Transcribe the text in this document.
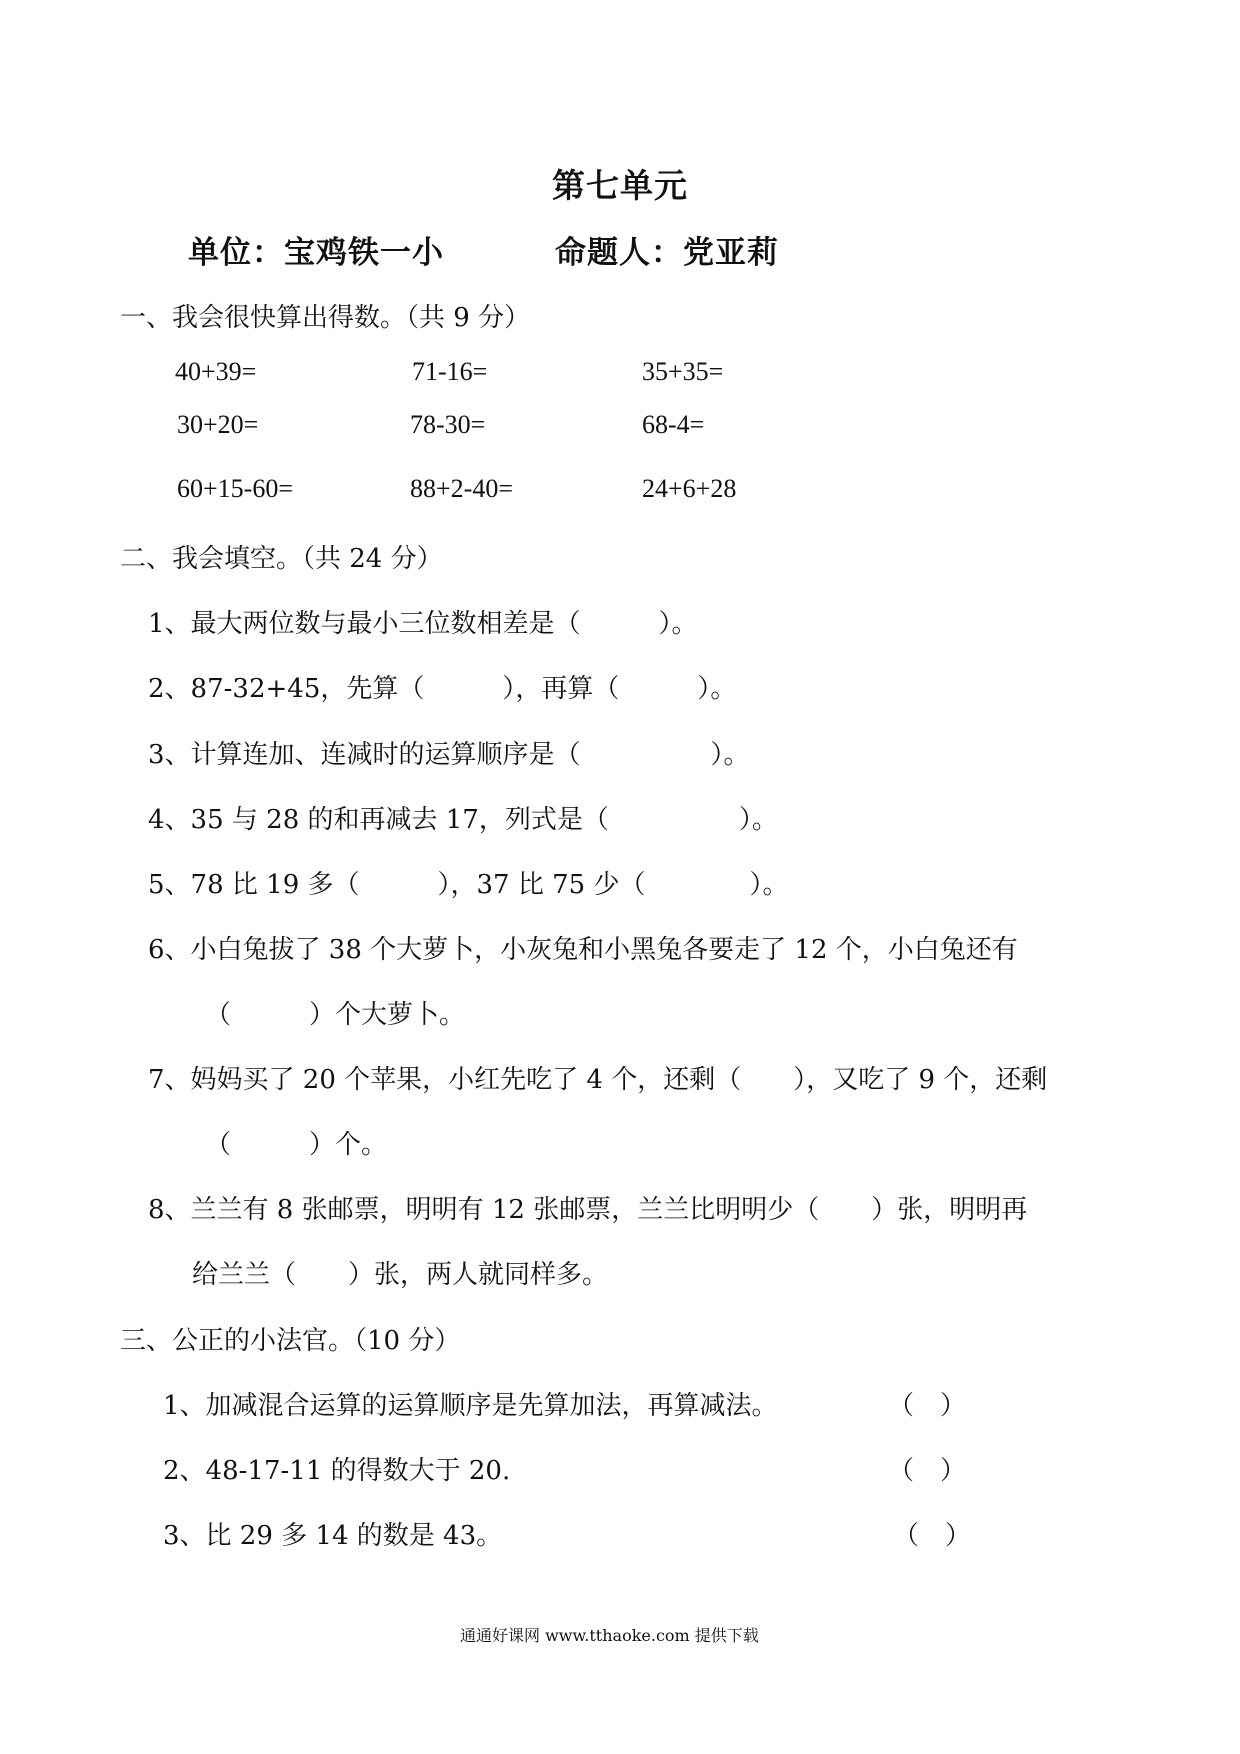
第七单元
单位：宝鸡铁一小	命题人：党亚莉
一、我会很快算出得数。（共 9 分）
40+39=	71-16=	35+35=
30+20=	78-30=	68-4=
60+15-60=	88+2-40=	24+6+28
二、我会填空。（共 24 分）
1、最大两位数与最小三位数相差是（　　　）。
2、87-32+45，先算（　　　），再算（　　　）。
3、计算连加、连减时的运算顺序是（　　　　　）。
4、35 与 28 的和再减去 17，列式是（　　　　　）。
5、78 比 19 多（　　　），37 比 75 少（　　　　）。
6、小白兔拔了 38 个大萝卜，小灰兔和小黑兔各要走了 12 个，小白兔还有
（　　　）个大萝卜。
7、妈妈买了 20 个苹果，小红先吃了 4 个，还剩（　　），又吃了 9 个，还剩
（　　　）个。
8、兰兰有 8 张邮票，明明有 12 张邮票，兰兰比明明少（　　）张，明明再
给兰兰（　　）张，两人就同样多。
三、公正的小法官。（10 分）
1、加减混合运算的运算顺序是先算加法，再算减法。	（　）
2、48-17-11 的得数大于 20.	（　）
3、比 29 多 14 的数是 43。	（　）
通通好课网 www.tthaoke.com 提供下载
